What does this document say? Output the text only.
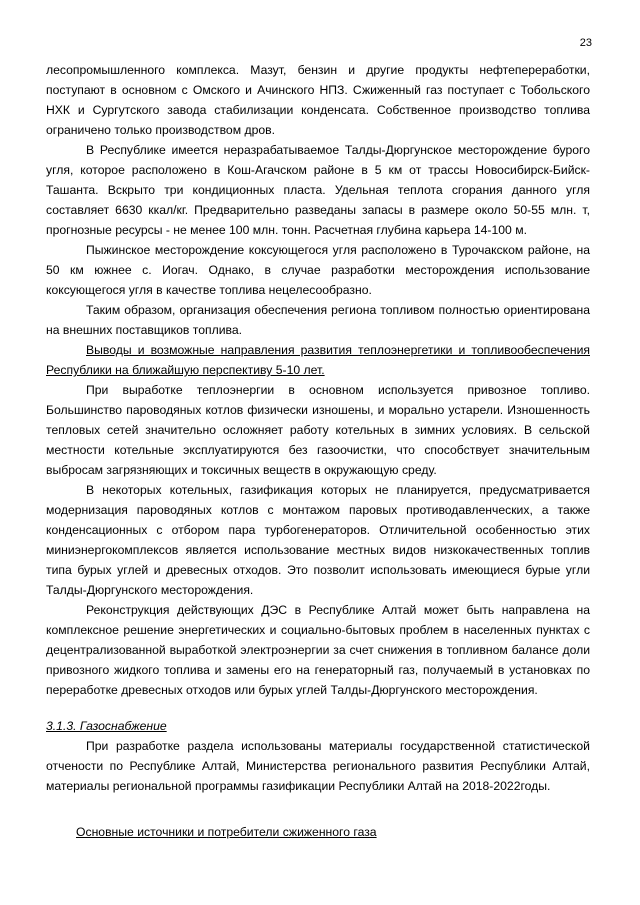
23

лесопромышленного комплекса. Мазут, бензин и другие продукты нефтепереработки, поступают в основном с Омского и Ачинского НПЗ. Сжиженный газ поступает с Тобольского НХК и Сургутского завода стабилизации конденсата. Собственное производство топлива ограничено только производством дров.

В Республике имеется неразрабатываемое Талды-Дюргунское месторождение бурого угля, которое расположено в Кош-Агачском районе в 5 км от трассы Новосибирск-Бийск-Ташанта. Вскрыто три кондиционных пласта. Удельная теплота сгорания данного угля составляет 6630 ккал/кг. Предварительно разведаны запасы в размере около 50-55 млн. т, прогнозные ресурсы - не менее 100 млн. тонн. Расчетная глубина карьера 14-100 м.

Пыжинское месторождение коксующегося угля расположено в Турочакском районе, на 50 км южнее с. Иогач. Однако, в случае разработки месторождения использование коксующегося угля в качестве топлива нецелесообразно.

Таким образом, организация обеспечения региона топливом полностью ориентирована на внешних поставщиков топлива.

Выводы и возможные направления развития теплоэнергетики и топливообеспечения Республики на ближайшую перспективу 5-10 лет.

При выработке теплоэнергии в основном используется привозное топливо. Большинство пароводяных котлов физически изношены, и морально устарели. Изношенность тепловых сетей значительно осложняет работу котельных в зимних условиях. В сельской местности котельные эксплуатируются без газоочистки, что способствует значительным выбросам загрязняющих и токсичных веществ в окружающую среду.

В некоторых котельных, газификация которых не планируется, предусматривается модернизация пароводяных котлов с монтажом паровых противодавленческих, а также конденсационных с отбором пара турбогенераторов. Отличительной особенностью этих миниэнергокомплексов является использование местных видов низкокачественных топлив типа бурых углей и древесных отходов. Это позволит использовать имеющиеся бурые угли Талды-Дюргунского месторождения.

Реконструкция действующих ДЭС в Республике Алтай может быть направлена на комплексное решение энергетических и социально-бытовых проблем в населенных пунктах с децентрализованной выработкой электроэнергии за счет снижения в топливном балансе доли привозного жидкого топлива и замены его на генераторный газ, получаемый в установках по переработке древесных отходов или бурых углей Талды-Дюргунского месторождения.

3.1.3. Газоснабжение

При разработке раздела использованы материалы государственной статистической отчености по Республике Алтай, Министерства регионального развития Республики Алтай, материалы региональной программы газификации Республики Алтай на 2018-2022годы.

Основные источники и потребители сжиженного газа
